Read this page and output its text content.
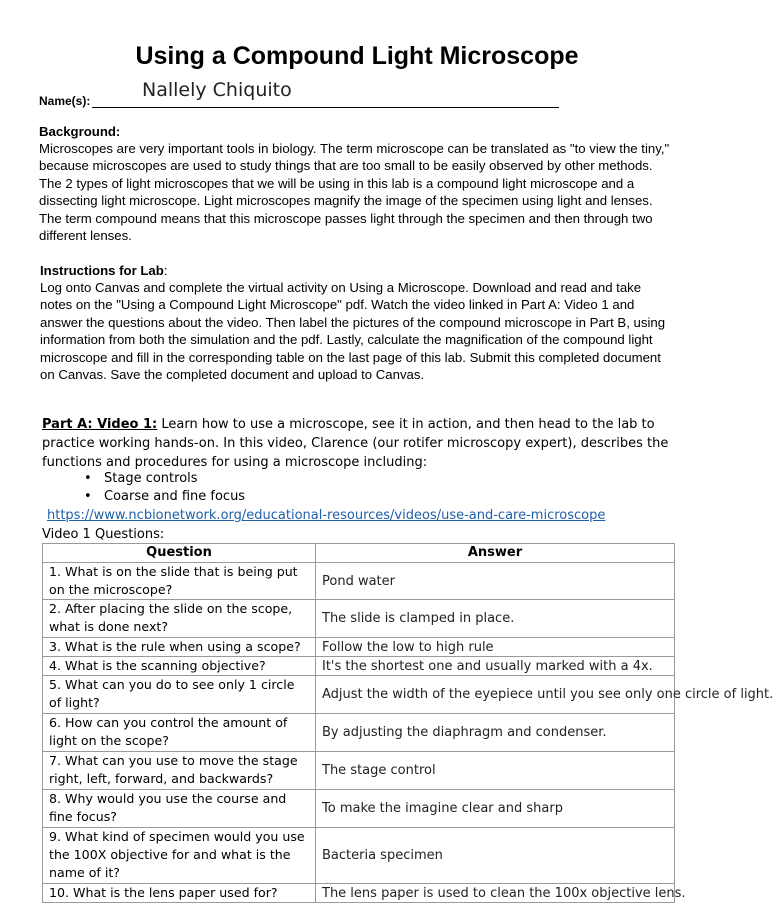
Using a Compound Light Microscope
Name(s):	Nallely Chiquito
Background:
Microscopes are very important tools in biology. The term microscope can be translated as "to view the tiny," because microscopes are used to study things that are too small to be easily observed by other methods. The 2 types of light microscopes that we will be using in this lab is a compound light microscope and a dissecting light microscope. Light microscopes magnify the image of the specimen using light and lenses. The term compound means that this microscope passes light through the specimen and then through two different lenses.
Instructions for Lab:
Log onto Canvas and complete the virtual activity on Using a Microscope. Download and read and take notes on the "Using a Compound Light Microscope" pdf. Watch the video linked in Part A: Video 1 and answer the questions about the video. Then label the pictures of the compound microscope in Part B, using information from both the simulation and the pdf. Lastly, calculate the magnification of the compound light microscope and fill in the corresponding table on the last page of this lab. Submit this completed document on Canvas. Save the completed document and upload to Canvas.
Part A: Video 1: Learn how to use a microscope, see it in action, and then head to the lab to practice working hands-on. In this video, Clarence (our rotifer microscopy expert), describes the functions and procedures for using a microscope including:
• Stage controls
• Coarse and fine focus
https://www.ncbionetwork.org/educational-resources/videos/use-and-care-microscope
Video 1 Questions:
Question	Answer
1. What is on the slide that is being put on the microscope?	Pond water
2. After placing the slide on the scope, what is done next?	The slide is clamped in place.
3. What is the rule when using a scope?	Follow the low to high rule
4. What is the scanning objective?	It's the shortest one and usually marked with a 4x.
5. What can you do to see only 1 circle of light?	Adjust the width of the eyepiece until you see only one circle of light.
6. How can you control the amount of light on the scope?	By adjusting the diaphragm and condenser.
7. What can you use to move the stage right, left, forward, and backwards?	The stage control
8. Why would you use the course and fine focus?	To make the imagine clear and sharp
9. What kind of specimen would you use the 100X objective for and what is the name of it?	Bacteria specimen
10. What is the lens paper used for?	The lens paper is used to clean the 100x objective lens.
